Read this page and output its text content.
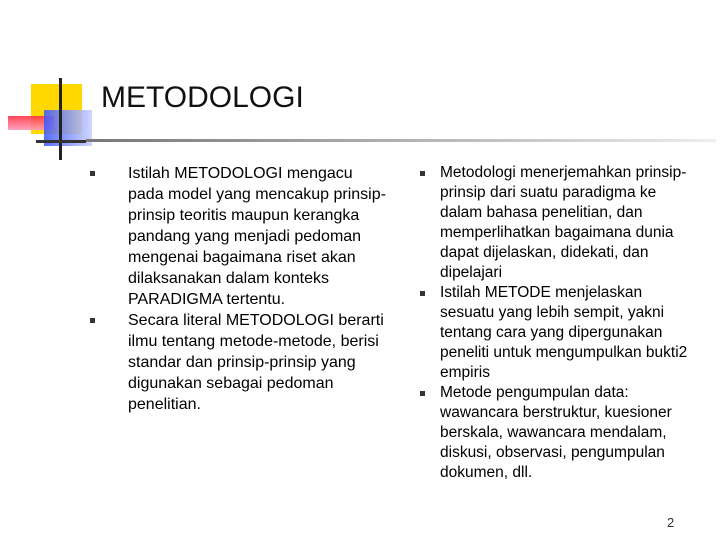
METODOLOGI
Istilah METODOLOGI mengacu pada model yang mencakup prinsip-prinsip teoritis maupun kerangka pandang yang menjadi pedoman mengenai bagaimana riset akan dilaksanakan dalam konteks PARADIGMA tertentu.
Secara literal METODOLOGI berarti ilmu tentang metode-metode, berisi standar dan prinsip-prinsip yang digunakan sebagai pedoman penelitian.
Metodologi menerjemahkan prinsip-prinsip dari suatu paradigma ke dalam bahasa penelitian, dan memperlihatkan bagaimana dunia dapat dijelaskan, didekati, dan dipelajari
Istilah METODE menjelaskan sesuatu yang lebih sempit, yakni tentang cara yang dipergunakan peneliti untuk mengumpulkan bukti2 empiris
Metode pengumpulan data: wawancara berstruktur, kuesioner berskala, wawancara mendalam, diskusi, observasi, pengumpulan dokumen, dll.
2
